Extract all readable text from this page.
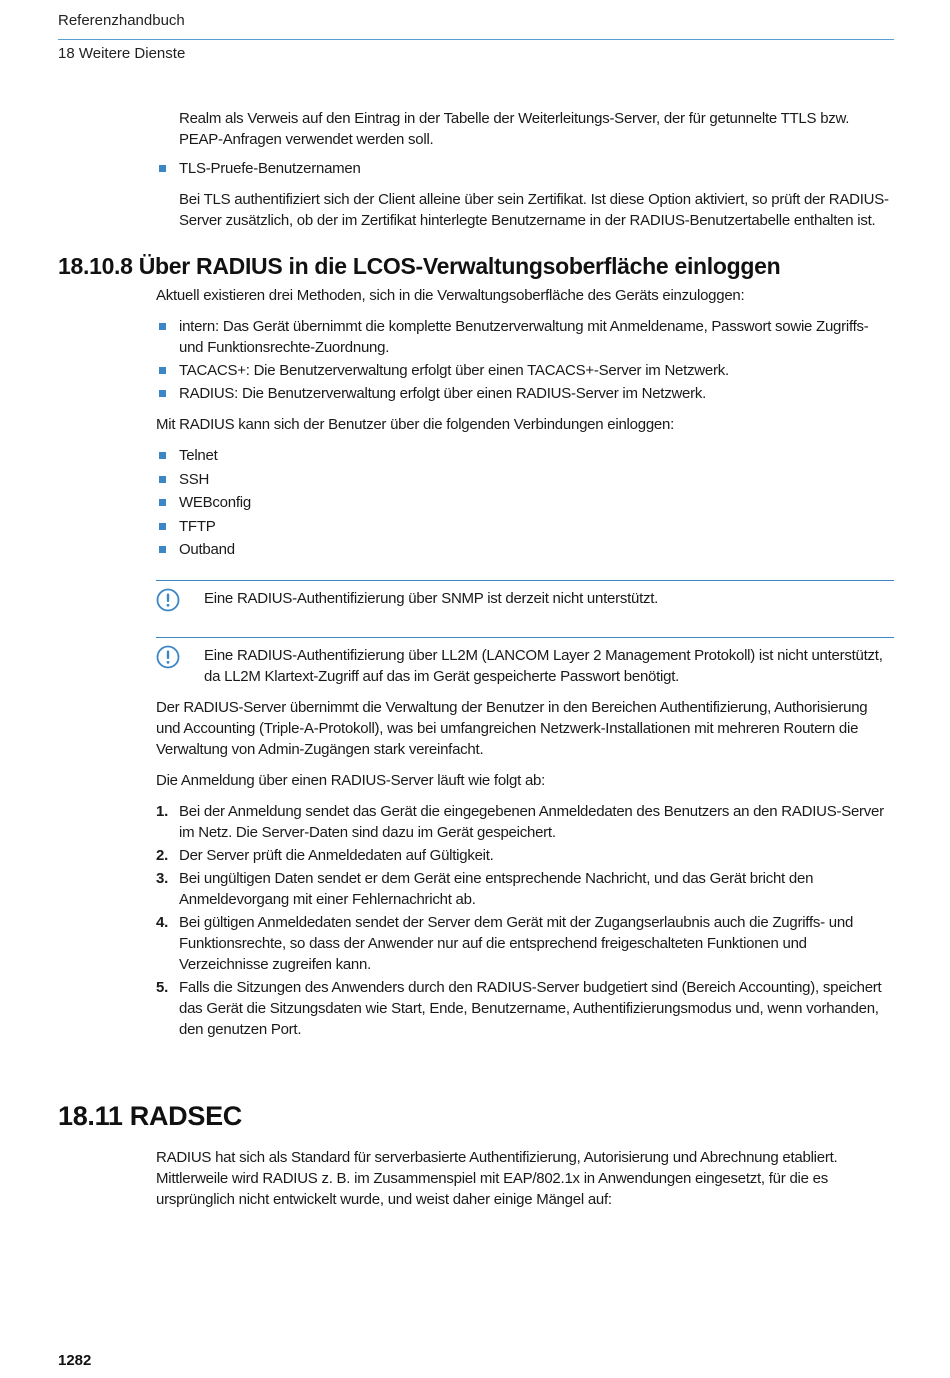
Referenzhandbuch
18 Weitere Dienste

Realm als Verweis auf den Eintrag in der Tabelle der Weiterleitungs-Server, der für getunnelte TTLS bzw. PEAP-Anfragen verwendet werden soll.

TLS-Pruefe-Benutzernamen

Bei TLS authentifiziert sich der Client alleine über sein Zertifikat. Ist diese Option aktiviert, so prüft der RADIUS-Server zusätzlich, ob der im Zertifikat hinterlegte Benutzername in der RADIUS-Benutzertabelle enthalten ist.

18.10.8 Über RADIUS in die LCOS-Verwaltungsoberfläche einloggen

Aktuell existieren drei Methoden, sich in die Verwaltungsoberfläche des Geräts einzuloggen:

intern: Das Gerät übernimmt die komplette Benutzerverwaltung mit Anmeldename, Passwort sowie Zugriffs- und Funktionsrechte-Zuordnung.
TACACS+: Die Benutzerverwaltung erfolgt über einen TACACS+-Server im Netzwerk.
RADIUS: Die Benutzerverwaltung erfolgt über einen RADIUS-Server im Netzwerk.

Mit RADIUS kann sich der Benutzer über die folgenden Verbindungen einloggen:

Telnet
SSH
WEBconfig
TFTP
Outband

Eine RADIUS-Authentifizierung über SNMP ist derzeit nicht unterstützt.

Eine RADIUS-Authentifizierung über LL2M (LANCOM Layer 2 Management Protokoll) ist nicht unterstützt, da LL2M Klartext-Zugriff auf das im Gerät gespeicherte Passwort benötigt.

Der RADIUS-Server übernimmt die Verwaltung der Benutzer in den Bereichen Authentifizierung, Authorisierung und Accounting (Triple-A-Protokoll), was bei umfangreichen Netzwerk-Installationen mit mehreren Routern die Verwaltung von Admin-Zugängen stark vereinfacht.

Die Anmeldung über einen RADIUS-Server läuft wie folgt ab:

1. Bei der Anmeldung sendet das Gerät die eingegebenen Anmeldedaten des Benutzers an den RADIUS-Server im Netz. Die Server-Daten sind dazu im Gerät gespeichert.
2. Der Server prüft die Anmeldedaten auf Gültigkeit.
3. Bei ungültigen Daten sendet er dem Gerät eine entsprechende Nachricht, und das Gerät bricht den Anmeldevorgang mit einer Fehlernachricht ab.
4. Bei gültigen Anmeldedaten sendet der Server dem Gerät mit der Zugangserlaubnis auch die Zugriffs- und Funktionsrechte, so dass der Anwender nur auf die entsprechend freigeschalteten Funktionen und Verzeichnisse zugreifen kann.
5. Falls die Sitzungen des Anwenders durch den RADIUS-Server budgetiert sind (Bereich Accounting), speichert das Gerät die Sitzungsdaten wie Start, Ende, Benutzername, Authentifizierungsmodus und, wenn vorhanden, den genutzen Port.
18.11 RADSEC

RADIUS hat sich als Standard für serverbasierte Authentifizierung, Autorisierung und Abrechnung etabliert. Mittlerweile wird RADIUS z. B. im Zusammenspiel mit EAP/802.1x in Anwendungen eingesetzt, für die es ursprünglich nicht entwickelt wurde, und weist daher einige Mängel auf:

1282
